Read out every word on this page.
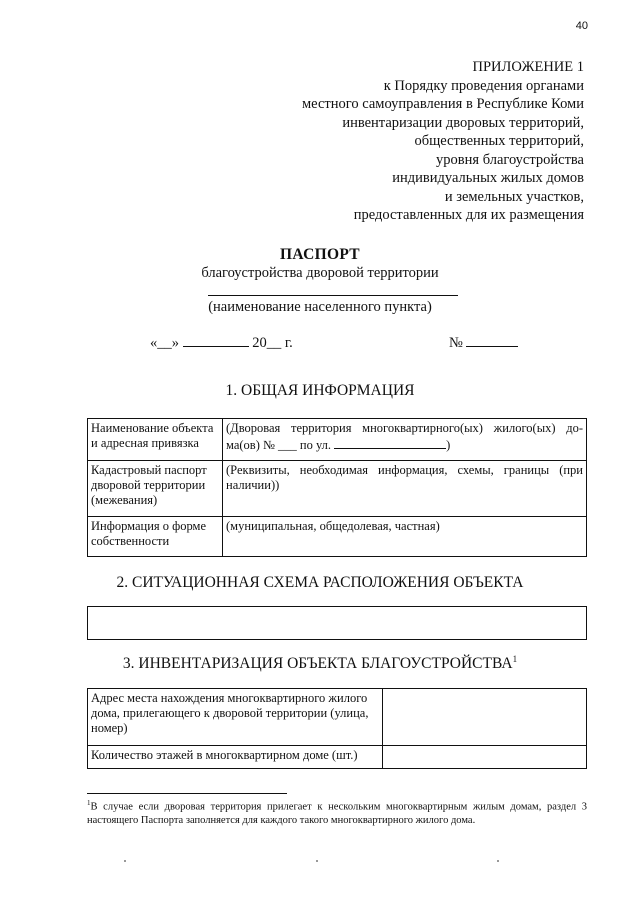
40
ПРИЛОЖЕНИЕ 1
к Порядку проведения органами
местного самоуправления в Республике Коми
инвентаризации дворовых территорий,
общественных территорий,
уровня благоустройства
индивидуальных жилых домов
и земельных участков,
предоставленных для их размещения
ПАСПОРТ
благоустройства дворовой территории
(наименование населенного пункта)
«__»	20__ г.	№
1. ОБЩАЯ ИНФОРМАЦИЯ
Наименование объекта и адресная привязка	(Дворовая территория многоквартирного(ых) жилого(ых) до-ма(ов) № ___ по ул. )
Кадастровый паспорт дворовой территории (межевания)	(Реквизиты, необходимая информация, схемы, границы (при наличии))
Информация о форме собственности	(муниципальная, общедолевая, частная)
2. СИТУАЦИОННАЯ СХЕМА РАСПОЛОЖЕНИЯ ОБЪЕКТА
3. ИНВЕНТАРИЗАЦИЯ ОБЪЕКТА БЛАГОУСТРОЙСТВА$^1$
Адрес места нахождения многоквартирного жилого дома, прилегающего к дворовой территории (улица, номер)	
Количество этажей в многоквартирном доме (шт.)	
$^1$В случае если дворовая территория прилегает к нескольким многоквартирным жилым домам, раздел 3 настоящего Паспорта заполняется для каждого такого многоквартирного жилого дома.
